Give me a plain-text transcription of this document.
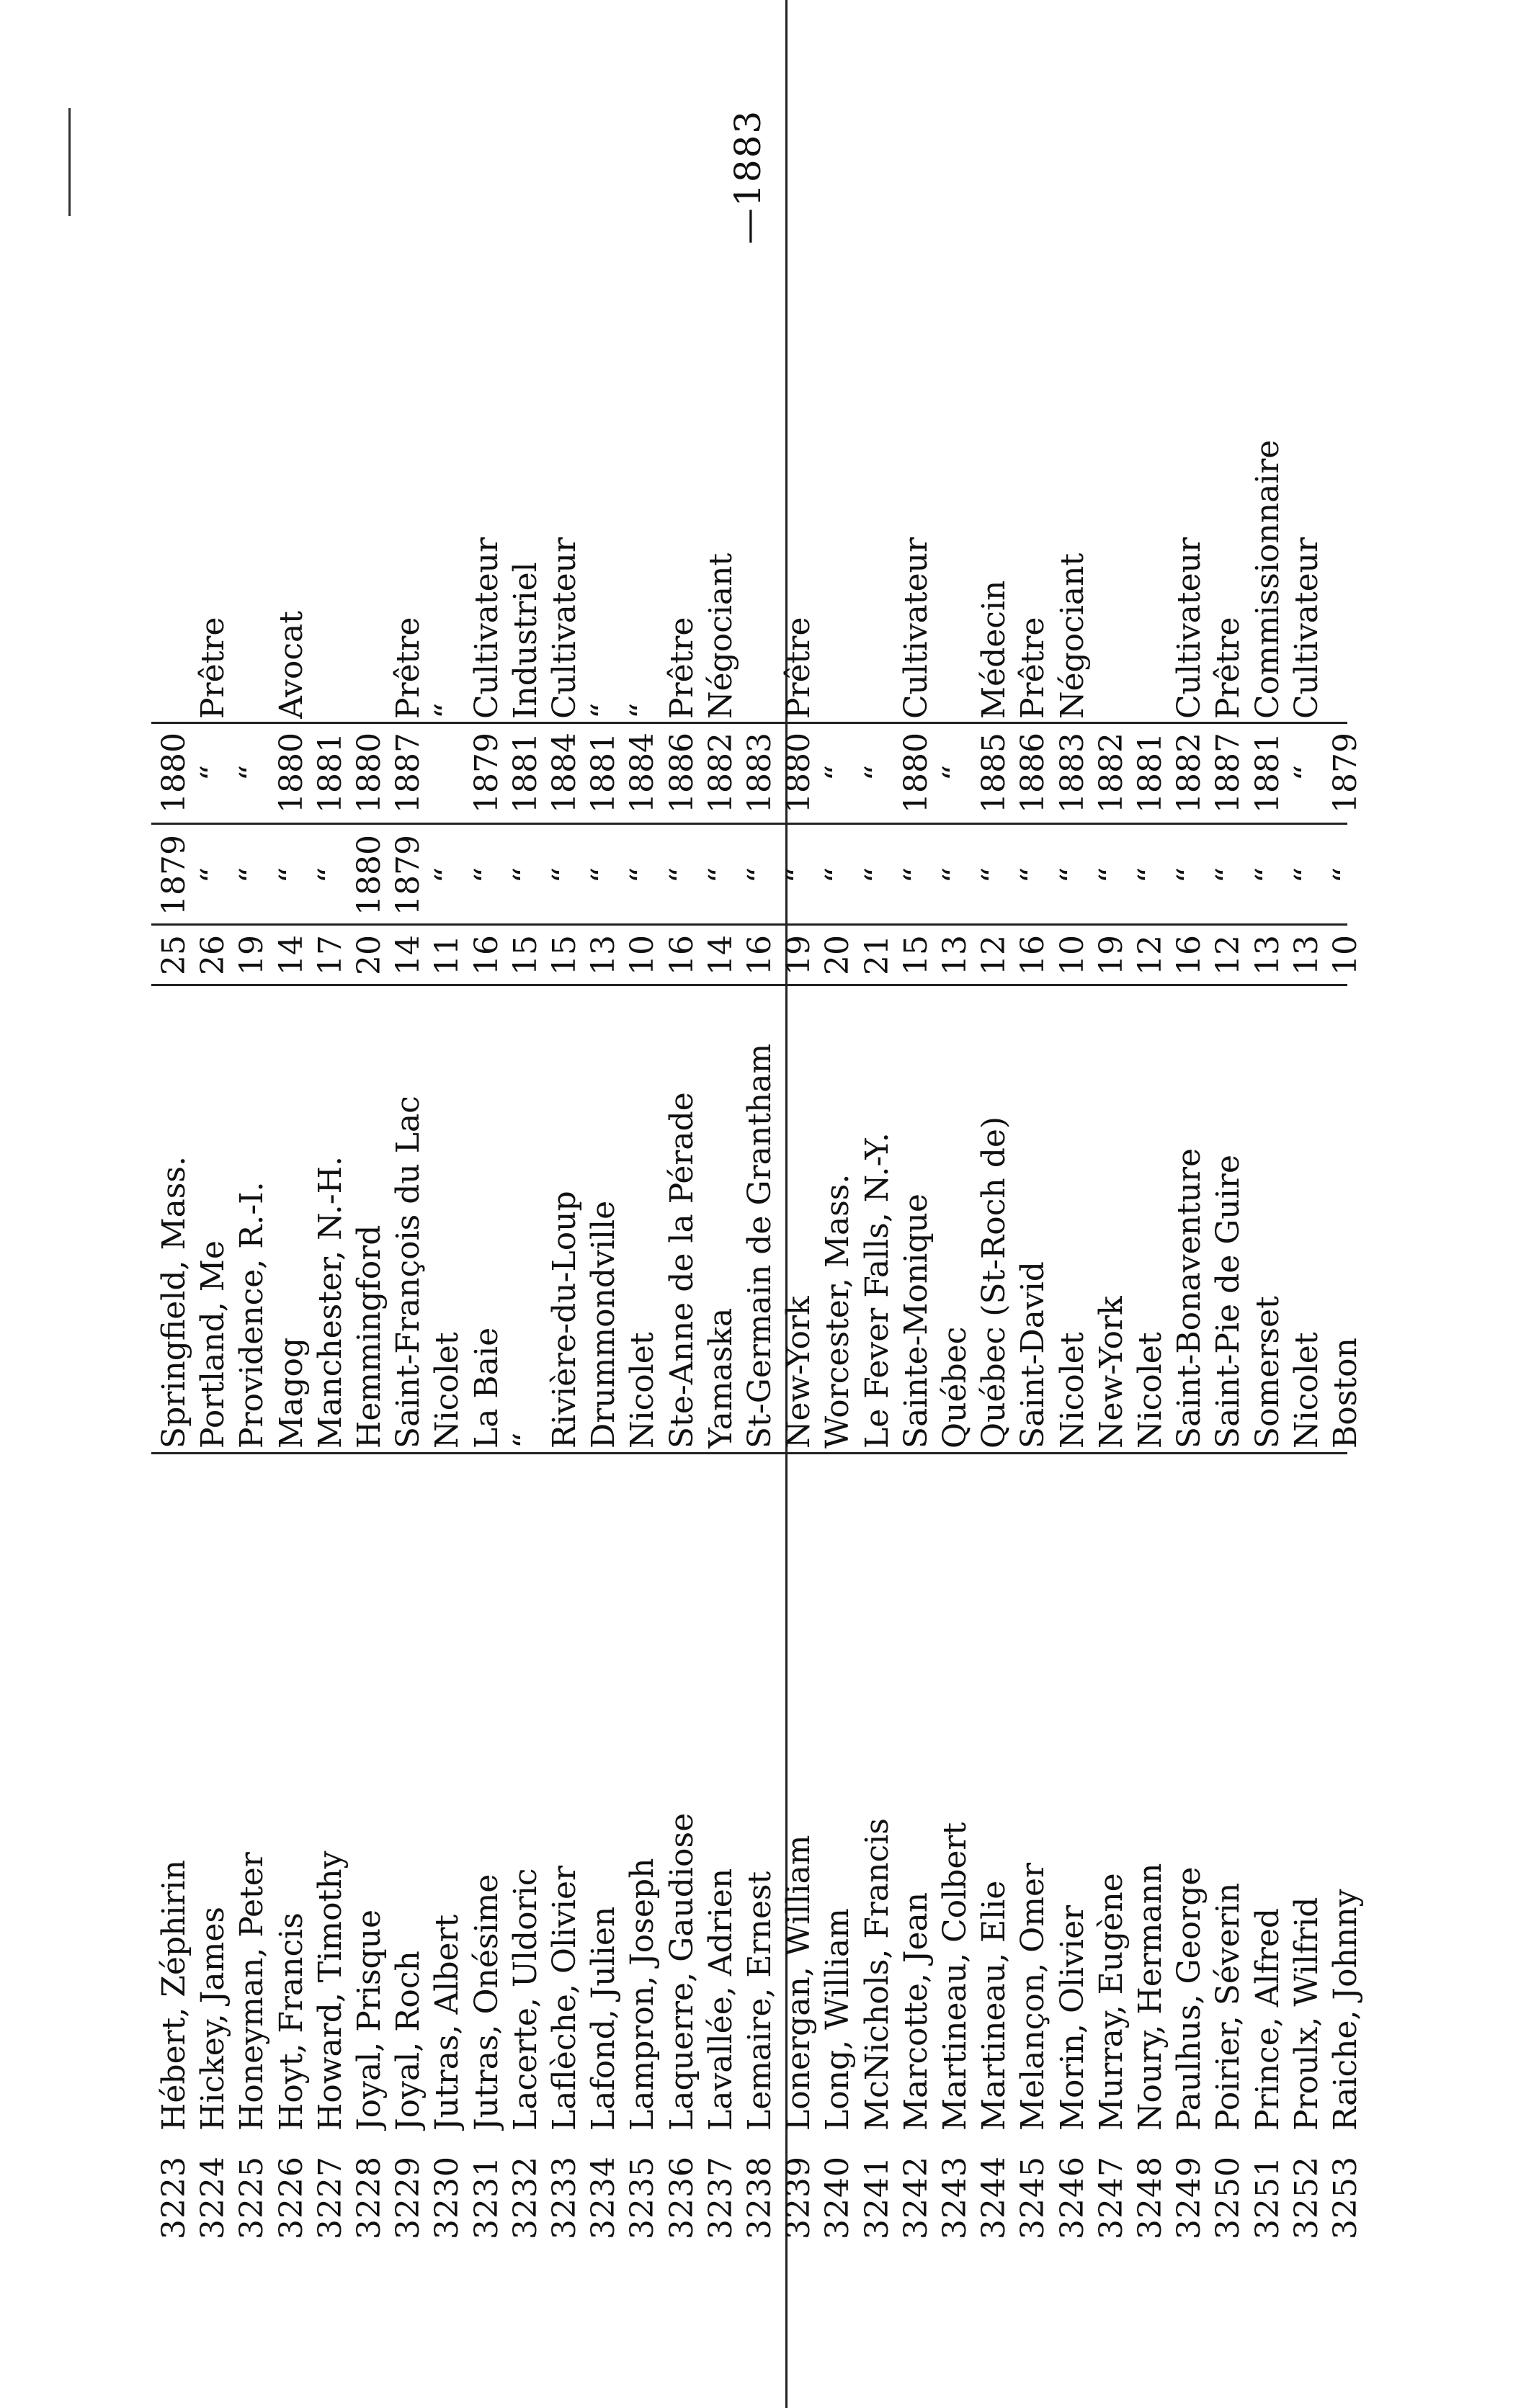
—1883
3223
Hébert, Zéphirin
Springfield, Mass.
25
1879
1880
3224
Hickey, James
Portland, Me
26
“
“
Prêtre
3225
Honeyman, Peter
Providence, R.-I.
19
“
“
3226
Hoyt, Francis
Magog
14
“
1880
Avocat
3227
Howard, Timothy
Manchester, N.-H.
17
“
1881
3228
Joyal, Prisque
Hemmingford
20
1880
1880
3229
Joyal, Roch
Saint-François du Lac
14
1879
1887
Prêtre
3230
Jutras, Albert
Nicolet
11
“
“
3231
Jutras, Onésime
La Baie
16
“
1879
Cultivateur
3232
Lacerte, Uldoric
“
15
“
1881
Industriel
3233
Laflèche, Olivier
Rivière-du-Loup
15
“
1884
Cultivateur
3234
Lafond, Julien
Drummondville
13
“
1881
“
3235
Lampron, Joseph
Nicolet
10
“
1884
“
3236
Laquerre, Gaudiose
Ste-Anne de la Pérade
16
“
1886
Prêtre
3237
Lavallée, Adrien
Yamaska
14
“
1882
Négociant
3238
Lemaire, Ernest
St-Germain de Grantham
16
“
1883
3239
Lonergan, William
New-York
19
“
1880
Prêtre
3240
Long, William
Worcester, Mass.
20
“
“
3241
McNichols, Francis
Le Fever Falls, N.-Y.
21
“
“
3242
Marcotte, Jean
Sainte-Monique
15
“
1880
Cultivateur
3243
Martineau, Colbert
Québec
13
“
“
3244
Martineau, Elie
Québec (St-Roch de)
12
“
1885
Médecin
3245
Melançon, Omer
Saint-David
16
“
1886
Prêtre
3246
Morin, Olivier
Nicolet
10
“
1883
Négociant
3247
Murray, Eugène
New-York
19
“
1882
3248
Noury, Hermann
Nicolet
12
“
1881
3249
Paulhus, George
Saint-Bonaventure
16
“
1882
Cultivateur
3250
Poirier, Séverin
Saint-Pie de Guire
12
“
1887
Prêtre
3251
Prince, Alfred
Somerset
13
“
1881
Commissionnaire
3252
Proulx, Wilfrid
Nicolet
13
“
“
Cultivateur
3253
Raiche, Johnny
Boston
10
“
1879
